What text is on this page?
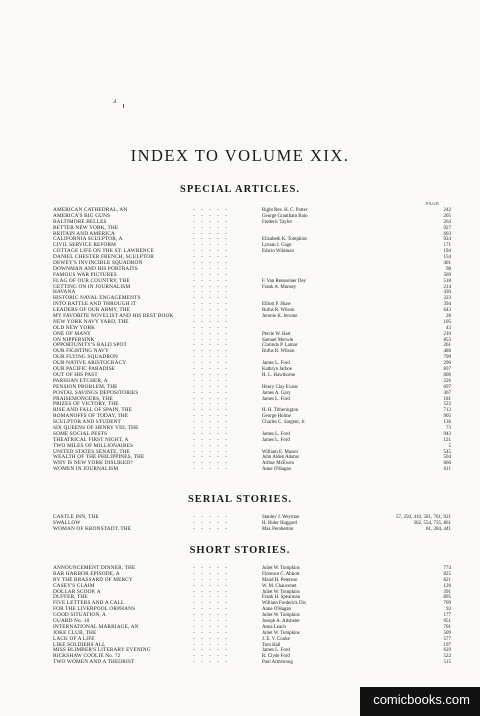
ⅎ
INDEX TO VOLUME XIX.
SPECIAL ARTICLES.
PAGE
AMERICAN CATHEDRAL, AN	- - - - -	Right Rev. H. C. Potter	242
AMERICA'S BIG GUNS	- - - - -	George Grantham Bain	205
BALTIMORE BELLES	- - - - -	Frederic Taylor	264
BETTER NEW YORK, THE	- - - - -	927
BRITAIN AND AMERICA	- - - - -	603
CALIFORNIA SCULPTOR, A	- - - - -	Elizabeth K. Tompkins	924
CIVIL SERVICE REFORM	- - - - -	Lyman J. Gage	171
COTTAGE LIFE ON THE ST. LAWRENCE	- - - - -	Edwin Wildman	194
DANIEL CHESTER FRENCH, SCULPTOR	- - - - -	154
DEWEY'S INVINCIBLE SQUADRON	- - - - -	401
DOWNMAN AND HIS PORTRAITS	- - - - -	98
FAMOUS WAR PICTURES	- - - - -	569
FLAG OF OUR COUNTRY, THE	- - - - -	F. Van Rensselaer Dey	518
GETTING ON IN JOURNALISM	- - - - -	Frank A. Munsey	214
HAVANA	- - - - -	430
HISTORIC NAVAL ENGAGEMENTS	- - - - -	323
INTO BATTLE AND THROUGH IT	- - - - -	Elliott F. Shaw	394
LEADERS OF OUR ARMY, THE	- - - - -	Rufus R. Wilson	643
MY FAVORITE NOVELIST AND HIS BEST BOOK	- - - - -	Jerome K. Jerome	28
NEW YORK NAVY YARD, THE	- - - - -	105
OLD NEW YORK	- - - - -	43
ONE OF MANY	- - - - -	Percie W. Hart	210
ON NIPPERSINK	- - - - -	Samuel Merwin	853
OPPORTUNITY'S BALD SPOT	- - - - -	Clarinda P. Lamar	261
OUR FIGHTING NAVY	- - - - -	Rufus R. Wilson	486
OUR FLYING SQUADRON	- - - - -	790
OUR NATIVE ARISTOCRACY	- - - - -	James L. Ford	296
OUR PACIFIC PARADISE	- - - - -	Kathryn Jarboe	837
OUT OF HIS PAST	- - - - -	H. L. Hawthorne	606
PARISIAN ETCHER, A	- - - - -	226
PENSION PROBLEM, THE	- - - - -	Henry Clay Evans	697
POSTAL SAVINGS DEPOSITORIES	- - - - -	James A. Gary	367
PRAISEMONGERS, THE	- - - - -	James L. Ford	181
PRIZES OF VICTORY, THE	- - - - -	522
RISE AND FALL OF SPAIN, THE	- - - - -	H. H. Titherington	713
ROMANOFFS OF TODAY, THE	- - - - -	George Holme	905
SCULPTOR AND STUDENT	- - - - -	Charles C. Sargent, Jr.	136
SIX QUEENS OF HENRY VIII, THE	- - - - -	73
SOME SOCIAL PESTS	- - - - -	James L. Ford	943
THEATRICAL FIRST NIGHT, A	- - - - -	James L. Ford	121
TWO MILES OF MILLIONAIRES	- - - - -	5
UNITED STATES SENATE, THE	- - - - -	William E. Mason	545
WEALTH OF THE PHILIPPINES, THE	- - - - -	John Alden Adams	504
WHY IS NEW YORK DISLIKED?	- - - - -	Arthur McEwen	666
WOMEN IN JOURNALISM	- - - - -	Anne O'Hagan	611
SERIAL STORIES.
CASTLE INN, THE	- - - - -	Stanley J. Weyman	57, 250, 410, 581, 761, 921
SWALLOW	- - - - -	H. Rider Haggard	362, 554, 735, 861
WOMAN OF KRONSTADT, THE	- - - - -	Max Pemberton	81, 284, 441
SHORT STORIES.
ANNOUNCEMENT DINNER, THE	- - - - -	Juliet W. Tompkins	774
BAR HARBOR EPISODE, A	- - - - -	Florence C. Abbott	825
BY THE BRASSARD OF MERCY	- - - - -	Maud H. Peterson	821
CASEY'S CLAIM	- - - - -	W. M. Chauvenet	126
DOLLAR SCOOP, A	- - - - -	Juliet W. Tompkins	391
DUFFER, THE	- - - - -	Frank H. Spearman	895
FIVE LETTERS AND A CALL	- - - - -	William Frederick Dix	709
FOR THE LIVERPOOL ORPHANS	- - - - -	Anne O'Hagan	93
GOOD SITUATION, A	- - - - -	Juliet W. Tompkins	177
GUARD No. 10	- - - - -	Joseph A. Altsheler	951
INTERNATIONAL MARRIAGE, AN	- - - - -	Anna Leach	701
JOKE CLUB, THE	- - - - -	Juliet W. Tompkins	509
LACK OF A LIFE	- - - - -	J. E. V. Cooke	577
LIKE SOLDIERS ALL	- - - - -	Tom Hall	197
MISS BLIMBER'S LITERARY EVENING	- - - - -	James L. Ford	629
RICKSHAW COOLIE No. 72	- - - - -	R. Clyde Ford	522
TWO WOMEN AND A THEORIST	- - - - -	Paul Armstrong	515
comicbooks.com
